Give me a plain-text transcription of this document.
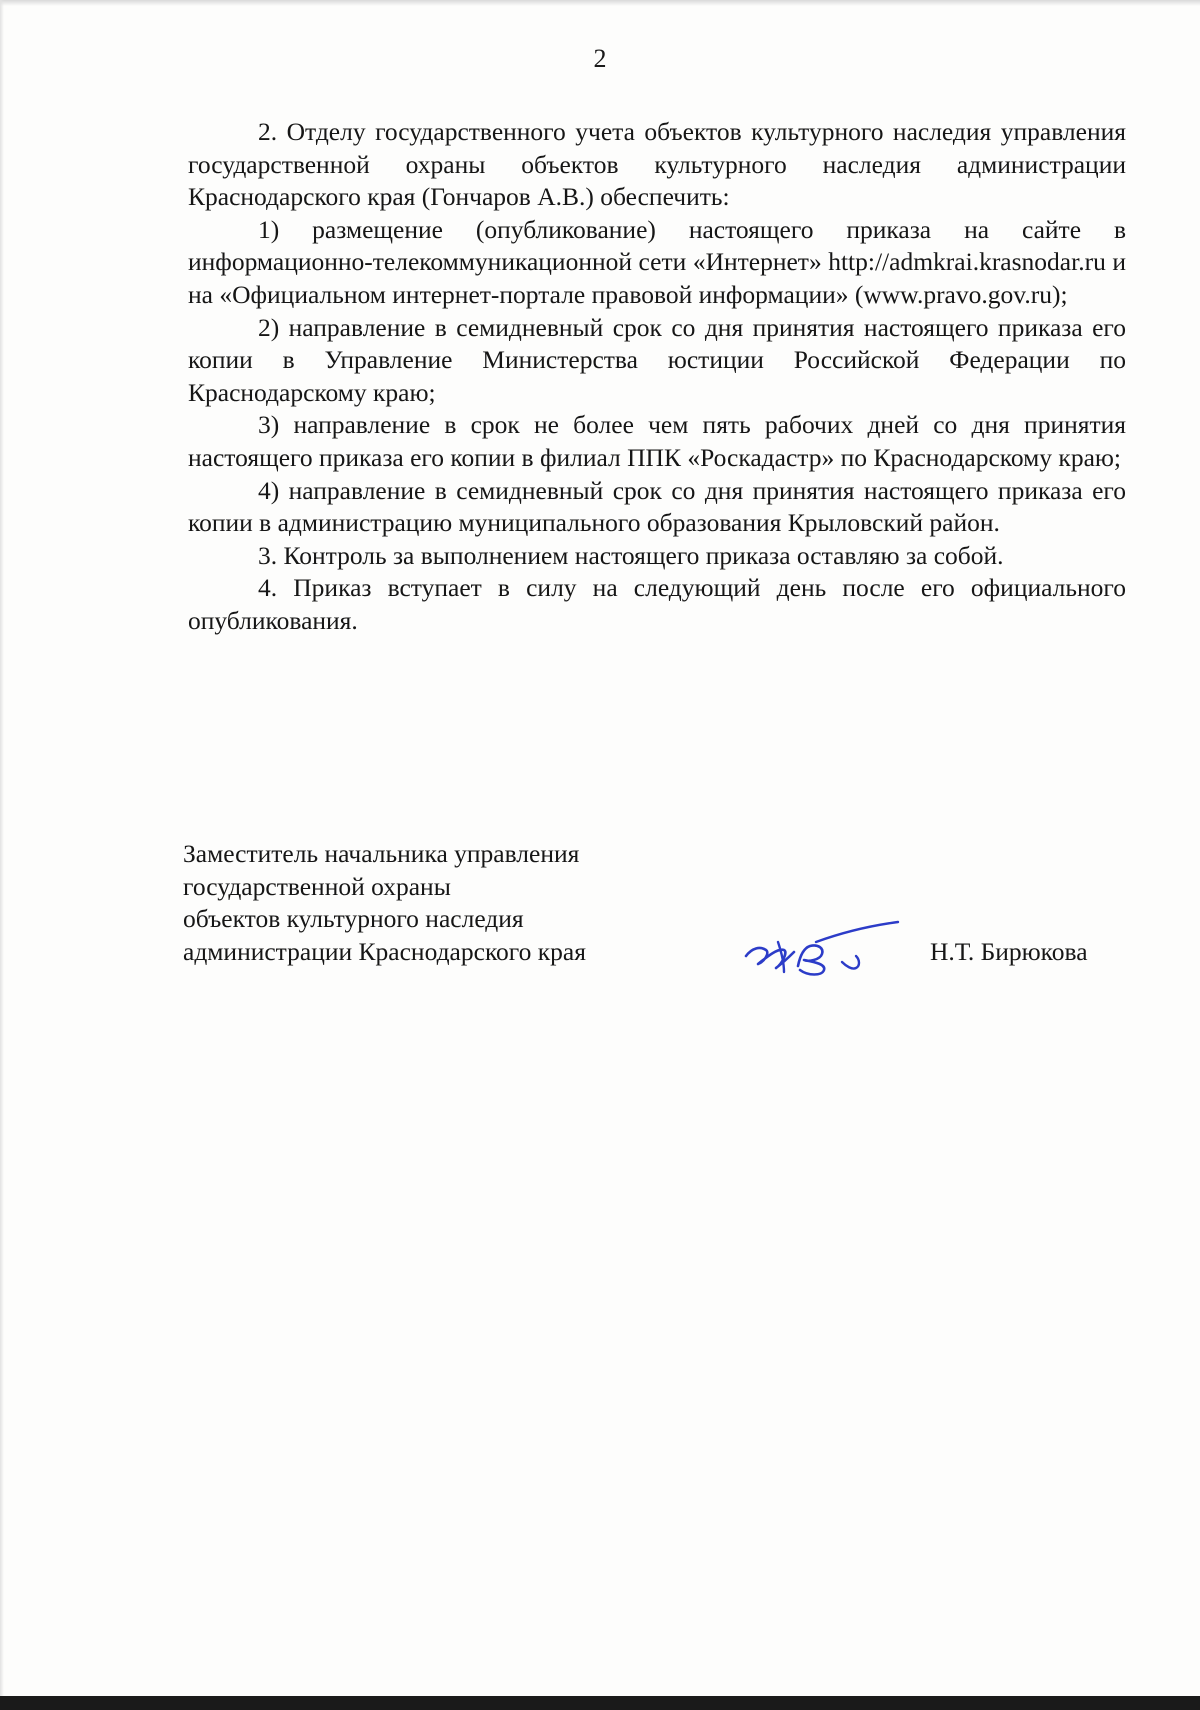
2

2. Отделу государственного учета объектов культурного наследия управления государственной охраны объектов культурного наследия администрации Краснодарского края (Гончаров А.В.) обеспечить:

1) размещение (опубликование) настоящего приказа на сайте в информационно-телекоммуникационной сети «Интернет» http://admkrai.krasnodar.ru и на «Официальном интернет-портале правовой информации» (www.pravo.gov.ru);

2) направление в семидневный срок со дня принятия настоящего приказа его копии в Управление Министерства юстиции Российской Федерации по Краснодарскому краю;

3) направление в срок не более чем пять рабочих дней со дня принятия настоящего приказа его копии в филиал ППК «Роскадастр» по Краснодарскому краю;

4) направление в семидневный срок со дня принятия настоящего приказа его копии в администрацию муниципального образования Крыловский район.

3. Контроль за выполнением настоящего приказа оставляю за собой.

4. Приказ вступает в силу на следующий день после его официального опубликования.

Заместитель начальника управления
государственной охраны
объектов культурного наследия
администрации Краснодарского края	Н.Т. Бирюкова
